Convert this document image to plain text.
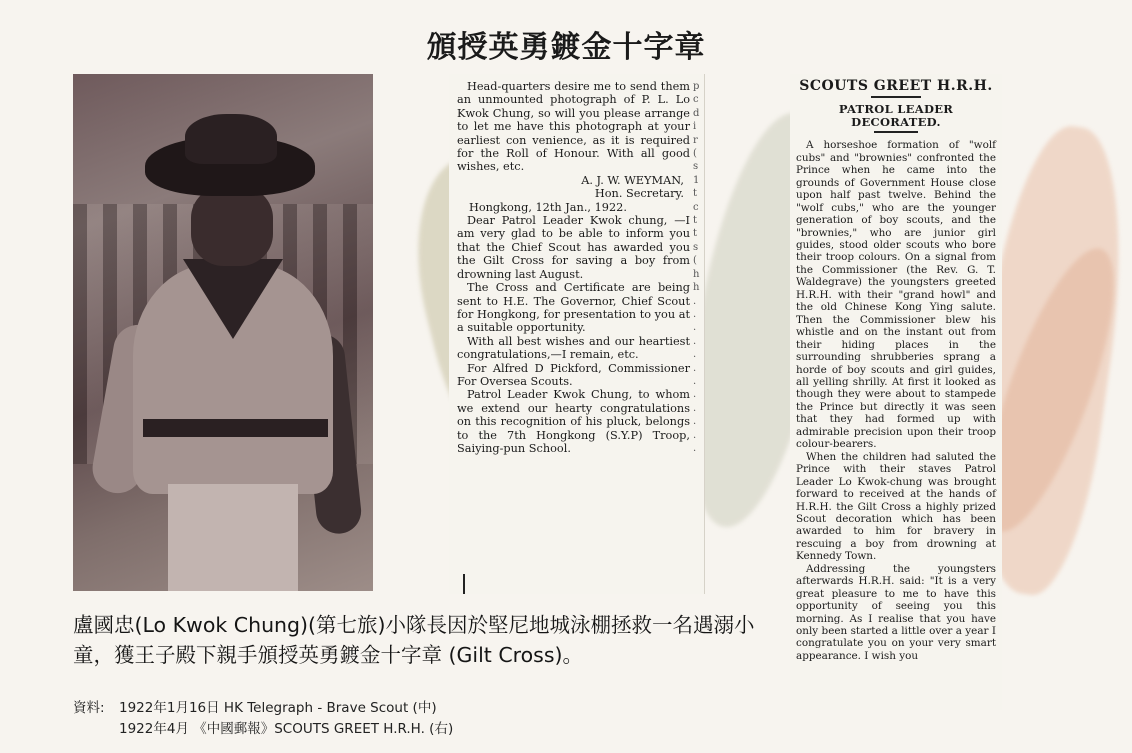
頒授英勇鍍金十字章
p
c
d
i
r
(
s
1
t
c
t
t
s
(
h
h
.
.
.
.
.
.
.
.
.
.
.
.

Head-quarters desire me to send them an unmounted photograph of P. L. Lo Kwok Chung, so will you please arrange to let me have this photograph at your earliest con venience, as it is required for the Roll of Honour. With all good wishes, etc.

A. J. W. WEYMAN,

Hon. Secretary.

Hongkong, 12th Jan., 1922.

Dear Patrol Leader Kwok chung, —I am very glad to be able to inform you that the Chief Scout has awarded you the Gilt Cross for saving a boy from drowning last August.

The Cross and Certificate are being sent to H.E. The Governor, Chief Scout for Hongkong, for presentation to you at a suitable opportunity.

With all best wishes and our heartiest congratulations,—I remain, etc.

For Alfred D Pickford, Commissioner For Oversea Scouts.

Patrol Leader Kwok Chung, to whom we extend our hearty congratulations on this recognition of his pluck, belongs to the 7th Hongkong (S.Y.P) Troop, Saiying-pun School.

SCOUTS GREET H.R.H.
PATROL LEADER DECORATED.

A horseshoe formation of "wolf cubs" and "brownies" confronted the Prince when he came into the grounds of Government House close upon half past twelve. Behind the "wolf cubs," who are the younger generation of boy scouts, and the "brownies," who are junior girl guides, stood older scouts who bore their troop colours. On a signal from the Commissioner (the Rev. G. T. Waldegrave) the youngsters greeted H.R.H. with their "grand howl" and the old Chinese Kong Ying salute. Then the Commissioner blew his whistle and on the instant out from their hiding places in the surrounding shrubberies sprang a horde of boy scouts and girl guides, all yelling shrilly. At first it looked as though they were about to stampede the Prince but directly it was seen that they had formed up with admirable precision upon their troop colour-bearers.

When the children had saluted the Prince with their staves Patrol Leader Lo Kwok-chung was brought forward to received at the hands of H.R.H. the Gilt Cross a highly prized Scout decoration which has been awarded to him for bravery in rescuing a boy from drowning at Kennedy Town.

Addressing the youngsters afterwards H.R.H. said: "It is a very great pleasure to me to have this opportunity of seeing you this morning. As I realise that you have only been started a little over a year I congratulate you on your very smart appearance. I wish you

盧國忠(Lo Kwok Chung)(第七旅)小隊長因於堅尼地城泳棚拯救一名遇溺小童，獲王子殿下親手頒授英勇鍍金十字章 (Gilt Cross)。

資料:	1922年1月16日 HK Telegraph - Brave Scout (中)
1922年4月 《中國郵報》SCOUTS GREET H.R.H. (右)
